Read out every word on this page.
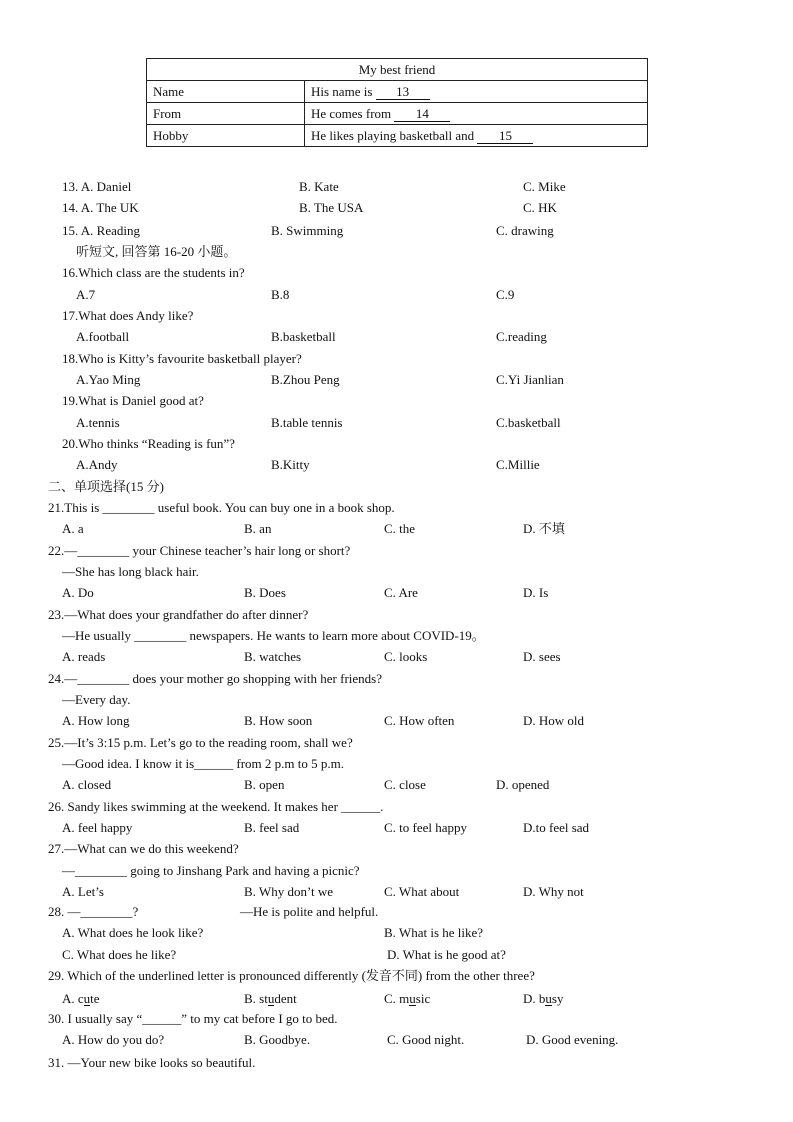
My best friend	
Name	His name is 13
From	He comes from 14
Hobby	He likes playing basketball and 15
13. A. Daniel	B. Kate	C. Mike
14. A. The UK	B. The USA	C. HK
15. A. Reading	B. Swimming	C. drawing
听短文, 回答第 16-20 小题。
16.Which class are the students in?
A.7	B.8	C.9
17.What does Andy like?
A.football	B.basketball	C.reading
18.Who is Kitty’s favourite basketball player?
A.Yao Ming	B.Zhou Peng	C.Yi Jianlian
19.What is Daniel good at?
A.tennis	B.table tennis	C.basketball
20.Who thinks “Reading is fun”?
A.Andy	B.Kitty	C.Millie
二、单项选择(15 分)
21.This is ________ useful book. You can buy one in a book shop.
A. a	B. an	C. the	D. 不填
22.—________ your Chinese teacher’s hair long or short?
—She has long black hair.
A. Do	B. Does	C. Are	D. Is
23.—What does your grandfather do after dinner?
—He usually ________ newspapers. He wants to learn more about COVID-19。
A. reads	B. watches	C. looks	D. sees
24.—________ does your mother go shopping with her friends?
—Every day.
A. How long	B. How soon	C. How often	D. How old
25.—It’s 3:15 p.m. Let’s go to the reading room, shall we?
—Good idea. I know it is______ from 2 p.m to 5 p.m.
A. closed	B. open	C. close	D. opened
26. Sandy likes swimming at the weekend. It makes her ______.
A. feel happy	B. feel sad	C. to feel happy	D.to feel sad
27.—What can we do this weekend?
—________ going to Jinshang Park and having a picnic?
A. Let’s	B. Why don’t we	C. What about	D. Why not
28. —________?	—He is polite and helpful.
A. What does he look like?	B. What is he like?
C. What does he like?	D. What is he good at?
29. Which of the underlined letter is pronounced differently (发音不同) from the other three?
A. cute	B. student	C. music	D. busy
30. I usually say “______” to my cat before I go to bed.
A. How do you do?	B. Goodbye.	C. Good night.	D. Good evening.
31. —Your new bike looks so beautiful.
